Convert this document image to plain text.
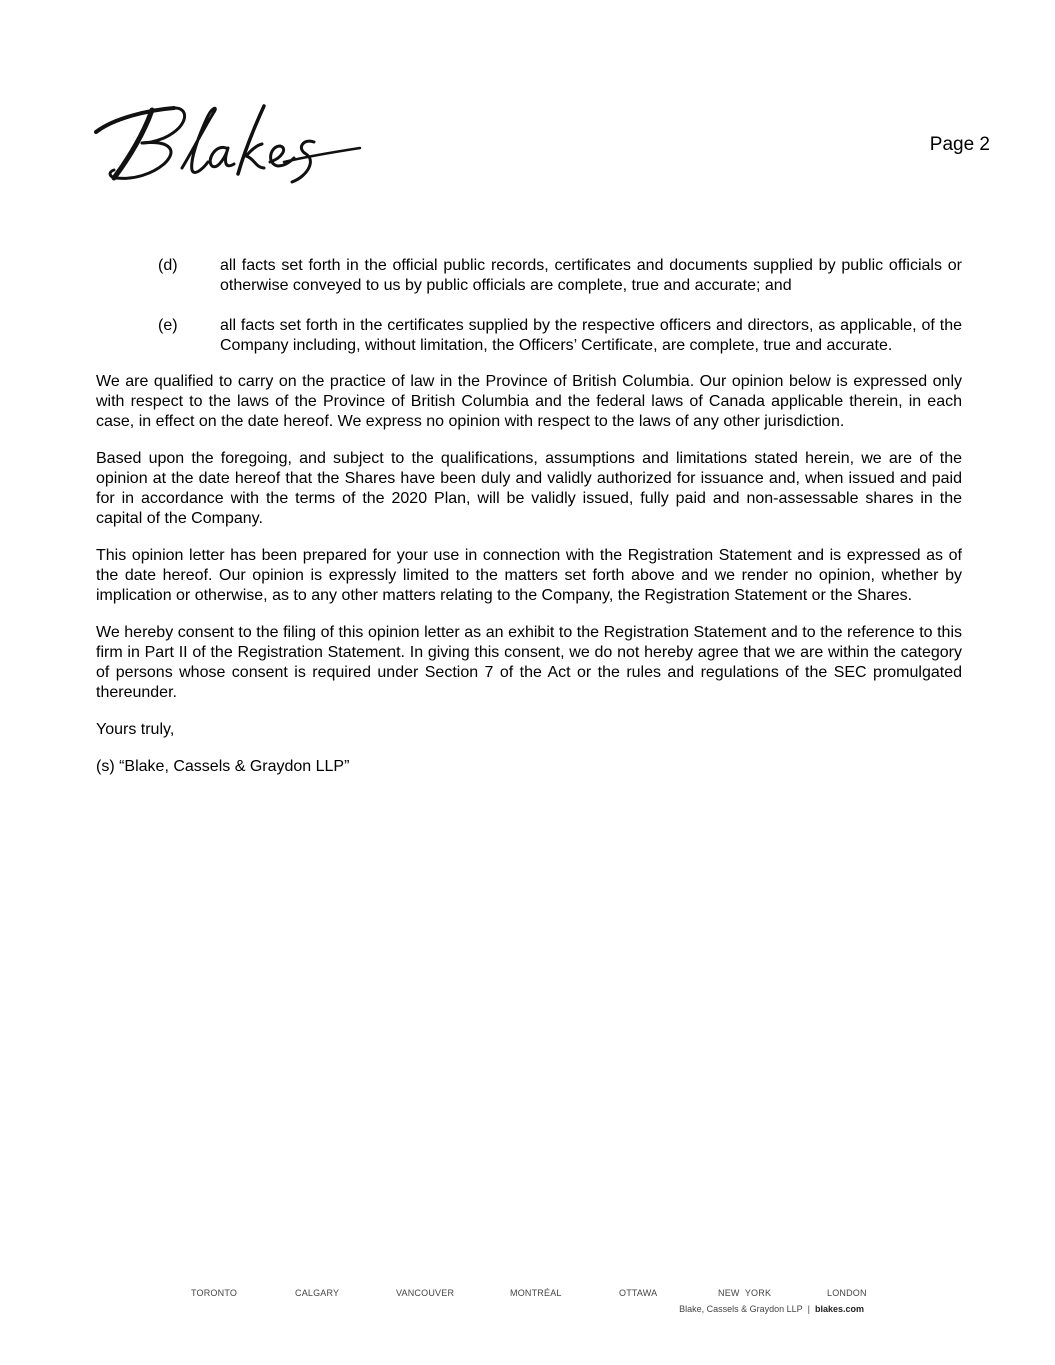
Page 2
(d)	all facts set forth in the official public records, certificates and documents supplied by public officials or otherwise conveyed to us by public officials are complete, true and accurate; and
(e)	all facts set forth in the certificates supplied by the respective officers and directors, as applicable, of the Company including, without limitation, the Officers’ Certificate, are complete, true and accurate.

We are qualified to carry on the practice of law in the Province of British Columbia. Our opinion below is expressed only with respect to the laws of the Province of British Columbia and the federal laws of Canada applicable therein, in each case, in effect on the date hereof. We express no opinion with respect to the laws of any other jurisdiction.

Based upon the foregoing, and subject to the qualifications, assumptions and limitations stated herein, we are of the opinion at the date hereof that the Shares have been duly and validly authorized for issuance and, when issued and paid for in accordance with the terms of the 2020 Plan, will be validly issued, fully paid and non-assessable shares in the capital of the Company.

This opinion letter has been prepared for your use in connection with the Registration Statement and is expressed as of the date hereof. Our opinion is expressly limited to the matters set forth above and we render no opinion, whether by implication or otherwise, as to any other matters relating to the Company, the Registration Statement or the Shares.

We hereby consent to the filing of this opinion letter as an exhibit to the Registration Statement and to the reference to this firm in Part II of the Registration Statement. In giving this consent, we do not hereby agree that we are within the category of persons whose consent is required under Section 7 of the Act or the rules and regulations of the SEC promulgated thereunder.

Yours truly,

(s) “Blake, Cassels & Graydon LLP”

TORONTO	CALGARY	VANCOUVER	MONTRÉAL	OTTAWA	NEW  YORK	LONDON
Blake, Cassels & Graydon LLP | blakes.com
